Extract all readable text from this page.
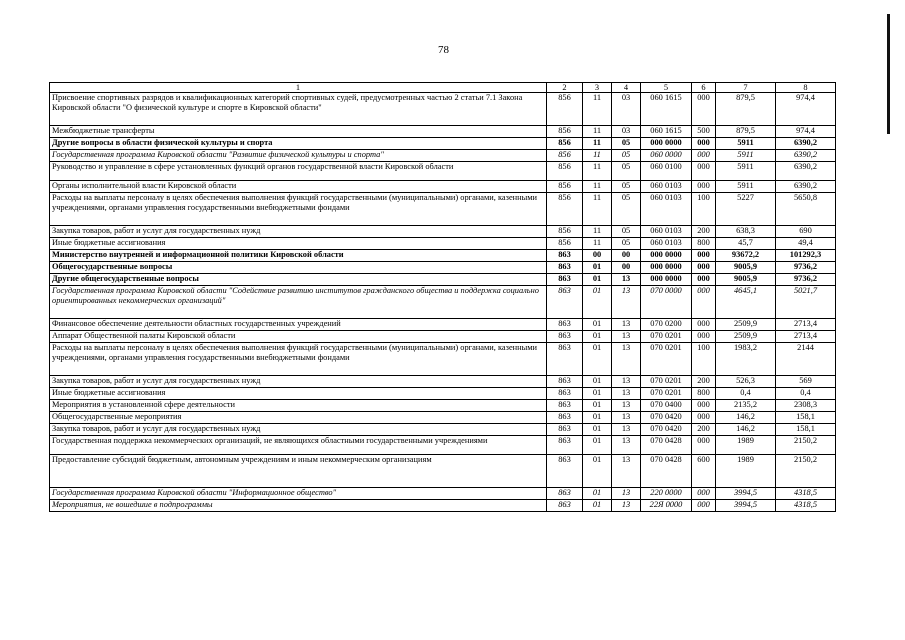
78
1	2	3	4	5	6	7	8
Присвоение спортивных разрядов и квалификационных категорий спортивных судей, предусмотренных частью 2 статьи 7.1 Закона Кировской области "О физической культуре и спорте в Кировской области"	856	11	03	060 1615	000	879,5	974,4
Межбюджетные трансферты	856	11	03	060 1615	500	879,5	974,4
Другие вопросы в области физической культуры и спорта	856	11	05	000 0000	000	5911	6390,2
Государственная программа Кировской области "Развитие физической культуры и спорта"	856	11	05	060 0000	000	5911	6390,2
Руководство и управление в сфере установленных функций органов государственной власти Кировской области	856	11	05	060 0100	000	5911	6390,2
Органы исполнительной власти Кировской области	856	11	05	060 0103	000	5911	6390,2
Расходы на выплаты персоналу в целях обеспечения выполнения функций государственными (муниципальными) органами, казенными учреждениями, органами управления государственными внебюджетными фондами	856	11	05	060 0103	100	5227	5650,8
Закупка товаров, работ и услуг для государственных нужд	856	11	05	060 0103	200	638,3	690
Иные бюджетные ассигнования	856	11	05	060 0103	800	45,7	49,4
Министерство внутренней и информационной политики Кировской области	863	00	00	000 0000	000	93672,2	101292,3
Общегосударственные вопросы	863	01	00	000 0000	000	9005,9	9736,2
Другие общегосударственные вопросы	863	01	13	000 0000	000	9005,9	9736,2
Государственная программа Кировской области "Содействие развитию институтов гражданского общества и поддержка социально ориентированных некоммерческих организаций"	863	01	13	070 0000	000	4645,1	5021,7
Финансовое обеспечение деятельности областных государственных учреждений	863	01	13	070 0200	000	2509,9	2713,4
Аппарат Общественной палаты Кировской области	863	01	13	070 0201	000	2509,9	2713,4
Расходы на выплаты персоналу в целях обеспечения выполнения функций государственными (муниципальными) органами, казенными учреждениями, органами управления государственными внебюджетными фондами	863	01	13	070 0201	100	1983,2	2144
Закупка товаров, работ и услуг для государственных нужд	863	01	13	070 0201	200	526,3	569
Иные бюджетные ассигнования	863	01	13	070 0201	800	0,4	0,4
Мероприятия в установленной сфере деятельности	863	01	13	070 0400	000	2135,2	2308,3
Общегосударственные мероприятия	863	01	13	070 0420	000	146,2	158,1
Закупка товаров, работ и услуг для государственных нужд	863	01	13	070 0420	200	146,2	158,1
Государственная поддержка некоммерческих организаций, не являющихся областными государственными учреждениями	863	01	13	070 0428	000	1989	2150,2
Предоставление субсидий бюджетным, автономным учреждениям и иным некоммерческим организациям	863	01	13	070 0428	600	1989	2150,2
Государственная программа Кировской области "Информационное общество"	863	01	13	220 0000	000	3994,5	4318,5
Мероприятия, не вошедшие в подпрограммы	863	01	13	22Я 0000	000	3994,5	4318,5
